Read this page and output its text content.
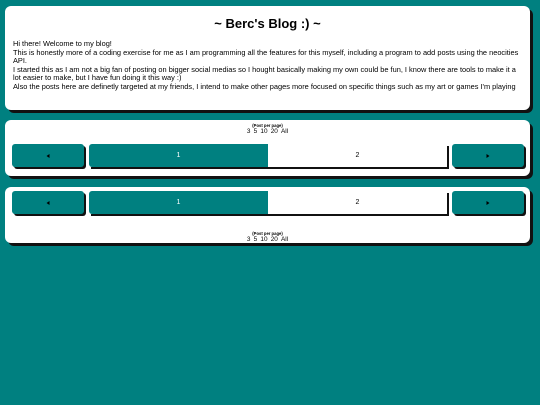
~ Berc's Blog :) ~

Hi there! Welcome to my blog!
This is honestly more of a coding exercise for me as I am programming all the features for this myself, including a program to add posts using the neocities API.
I started this as I am not a big fan of posting on bigger social medias so I hought basically making my own could be fun, I know there are tools to make it a lot easier to make, but I have fun doing it this way :)
Also the posts here are definetly targeted at my friends, I intend to make other pages more focused on specific things such as my art or games I'm playing

(Post per page)
3 5 10 20 All
1	2
1	2
(Post per page)
3 5 10 20 All
